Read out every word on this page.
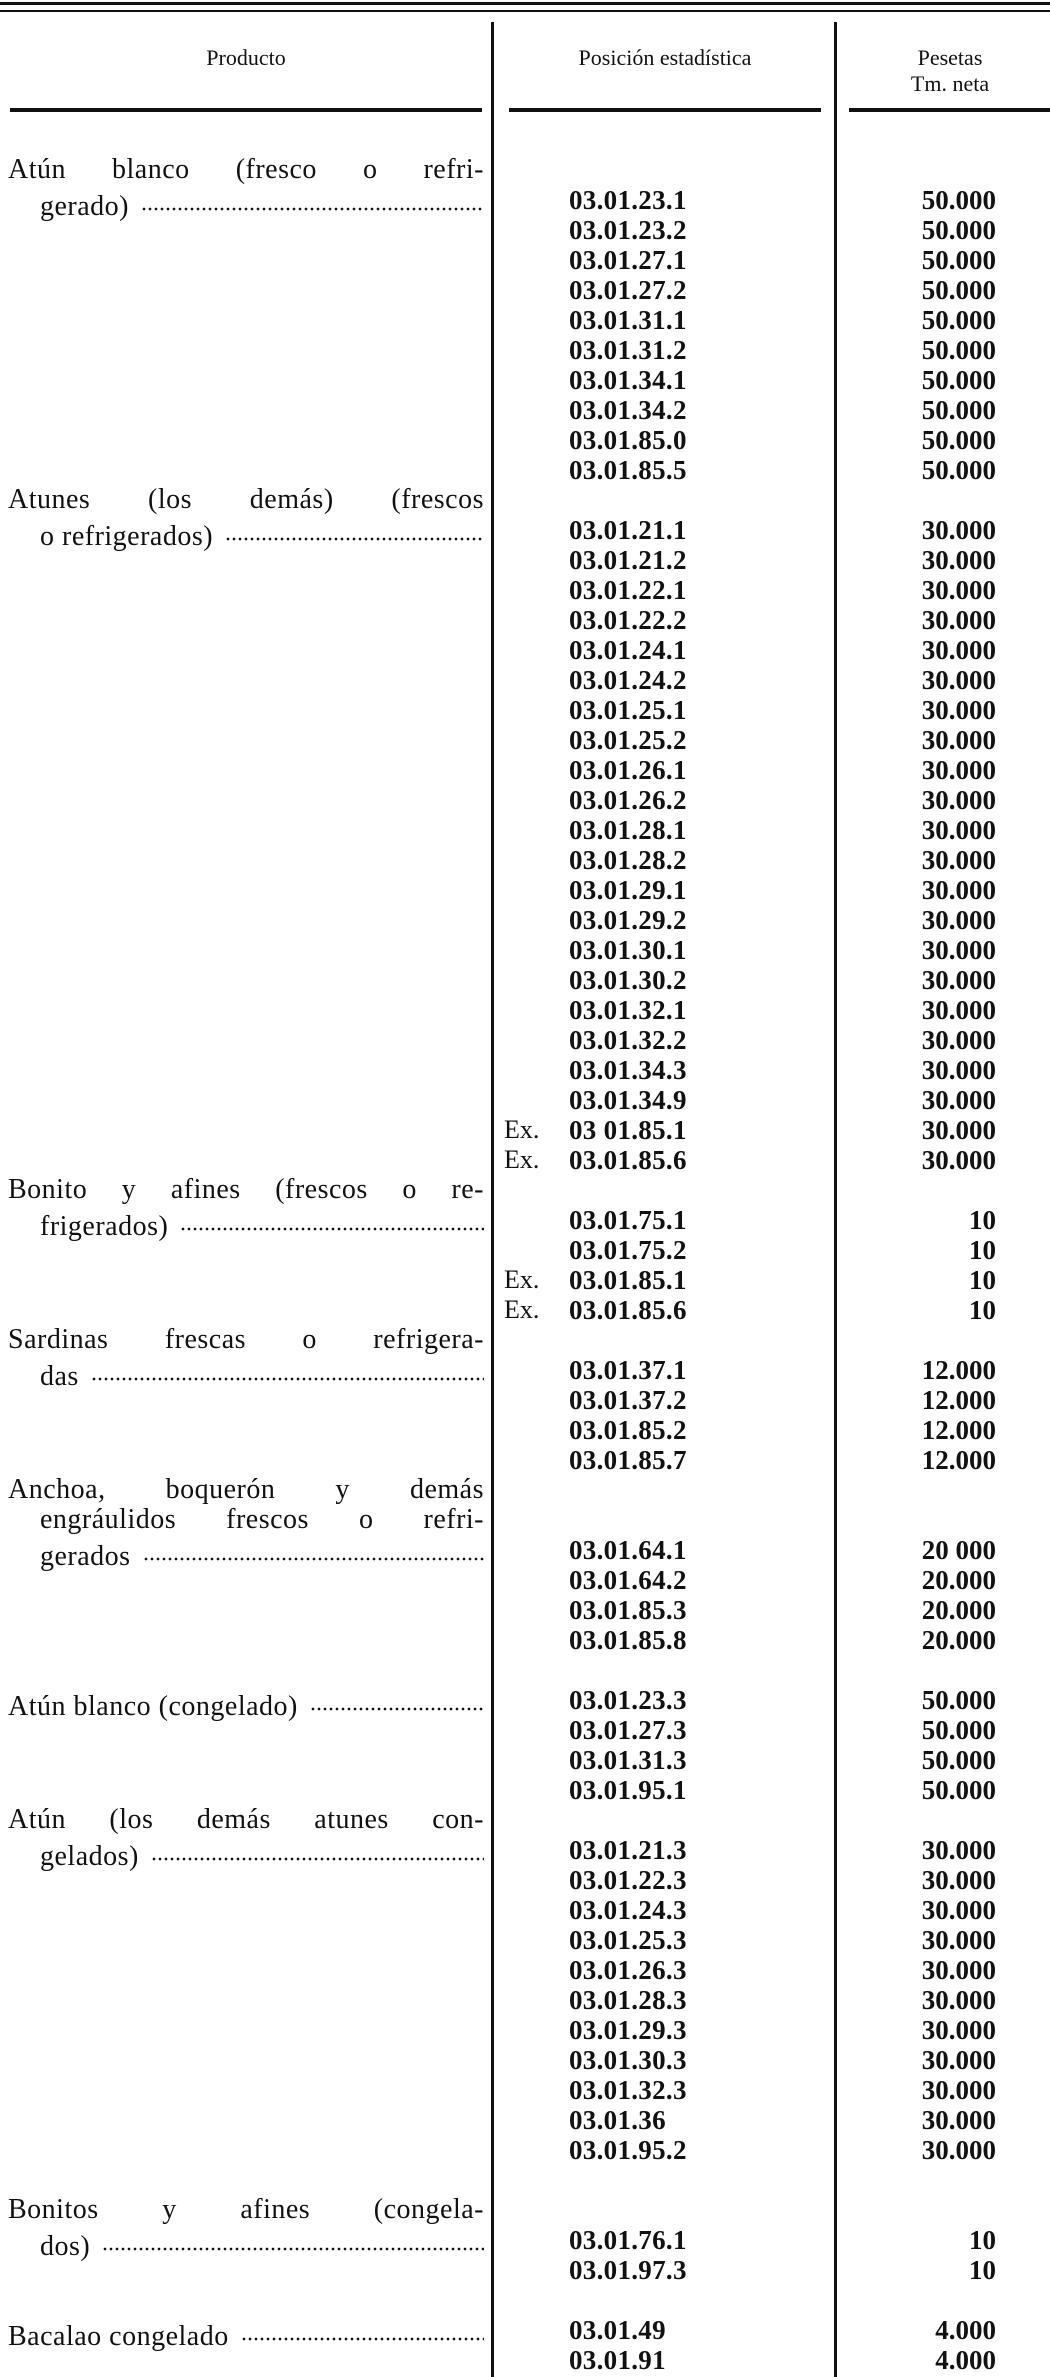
Producto	Posición estadística	Pesetas
Tm. neta
Atún blanco (fresco o refri-
gerado)	03.01.23.1	50.000
03.01.23.2	50.000
03.01.27.1	50.000
03.01.27.2	50.000
03.01.31.1	50.000
03.01.31.2	50.000
03.01.34.1	50.000
03.01.34.2	50.000
03.01.85.0	50.000
03.01.85.5	50.000
Atunes (los demás) (frescos
o refrigerados)	03.01.21.1	30.000
03.01.21.2	30.000
03.01.22.1	30.000
03.01.22.2	30.000
03.01.24.1	30.000
03.01.24.2	30.000
03.01.25.1	30.000
03.01.25.2	30.000
03.01.26.1	30.000
03.01.26.2	30.000
03.01.28.1	30.000
03.01.28.2	30.000
03.01.29.1	30.000
03.01.29.2	30.000
03.01.30.1	30.000
03.01.30.2	30.000
03.01.32.1	30.000
03.01.32.2	30.000
03.01.34.3	30.000
03.01.34.9	30.000
Ex. 03 01.85.1	30.000
Ex. 03.01.85.6	30.000
Bonito y afines (frescos o re-
frigerados)	03.01.75.1	10
03.01.75.2	10
Ex. 03.01.85.1	10
Ex. 03.01.85.6	10
Sardinas frescas o refrigera-
das	03.01.37.1	12.000
03.01.37.2	12.000
03.01.85.2	12.000
03.01.85.7	12.000
Anchoa, boquerón y demás
engráulidos frescos o refri-
gerados	03.01.64.1	20 000
03.01.64.2	20.000
03.01.85.3	20.000
03.01.85.8	20.000
Atún blanco (congelado)	03.01.23.3	50.000
03.01.27.3	50.000
03.01.31.3	50.000
03.01.95.1	50.000
Atún (los demás atunes con-
gelados)	03.01.21.3	30.000
03.01.22.3	30.000
03.01.24.3	30.000
03.01.25.3	30.000
03.01.26.3	30.000
03.01.28.3	30.000
03.01.29.3	30.000
03.01.30.3	30.000
03.01.32.3	30.000
03.01.36	30.000
03.01.95.2	30.000
Bonitos y afines (congela-
dos)	03.01.76.1	10
03.01.97.3	10
Bacalao congelado	03.01.49	4.000
03.01.91	4.000
